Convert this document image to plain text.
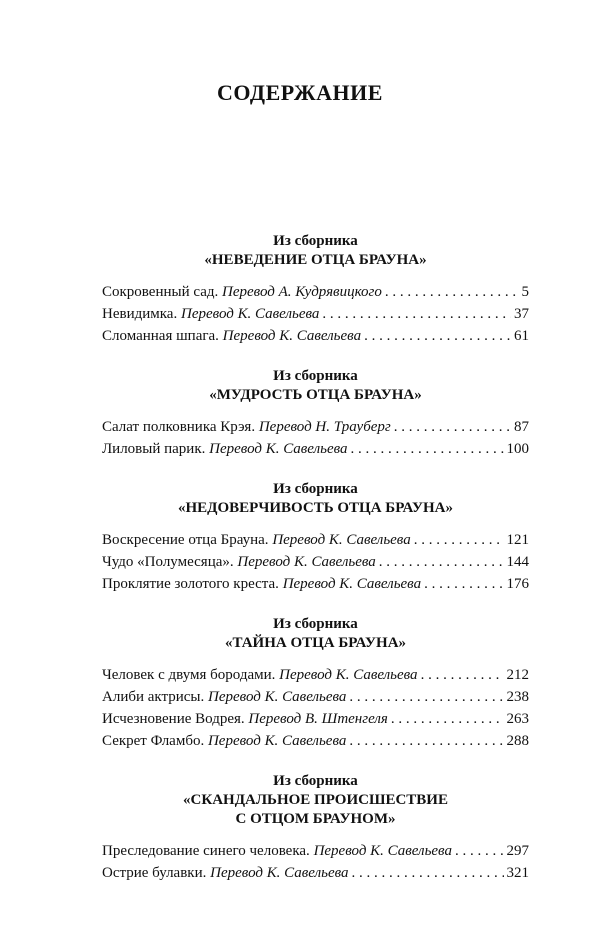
СОДЕРЖАНИЕ
Из сборника
«НЕВЕДЕНИЕ ОТЦА БРАУНА»
Сокровенный сад. Перевод А. Кудрявицкого . . .	5
Невидимка. Перевод К. Савельева . . .	37
Сломанная шпага. Перевод К. Савельева . . .	61
Из сборника
«МУДРОСТЬ ОТЦА БРАУНА»
Салат полковника Крэя. Перевод Н. Трауберг . . .	87
Лиловый парик. Перевод К. Савельева . . .	100
Из сборника
«НЕДОВЕРЧИВОСТЬ ОТЦА БРАУНА»
Воскресение отца Брауна. Перевод К. Савельева . . .	121
Чудо «Полумесяца». Перевод К. Савельева . . .	144
Проклятие золотого креста. Перевод К. Савельева . . .	176
Из сборника
«ТАЙНА ОТЦА БРАУНА»
Человек с двумя бородами. Перевод К. Савельева . . .	212
Алиби актрисы. Перевод К. Савельева . . .	238
Исчезновение Водрея. Перевод В. Штенгеля . . .	263
Секрет Фламбо. Перевод К. Савельева . . .	288
Из сборника
«СКАНДАЛЬНОЕ ПРОИСШЕСТВИЕ
С ОТЦОМ БРАУНОМ»
Преследование синего человека. Перевод К. Савельева . . .	297
Острие булавки. Перевод К. Савельева . . .	321
